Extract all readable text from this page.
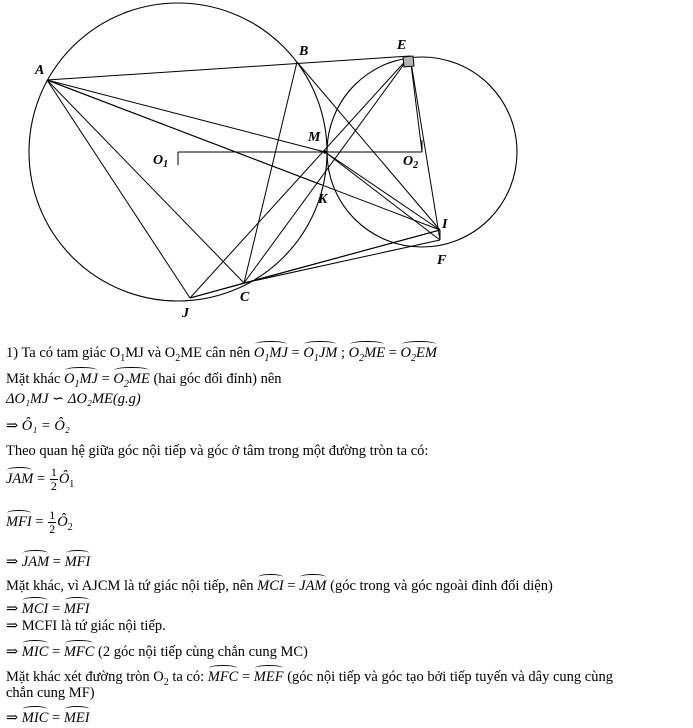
A
B	E
M
$O_1$	$O_2$
K
I
F
J
C
1) Ta có tam giác $O_1MJ$ và $O_2ME$ cân nên $O_1MJ = O_1JM$ ; $O_2ME = O_2EM$
Mặt khác $O_1MJ = O_2ME$ (hai góc đối đỉnh) nên
ΔO₁MJ ∽ ΔO₂ME(g.g)
⇒ Ô₁ = Ô₂
Theo quan hệ giữa góc nội tiếp và góc ở tâm trong một đường tròn ta có:
JAM = $\frac{1}{2}$ $Ô_1$
MFI = $\frac{1}{2}$ $Ô_2$
⇒ JAM = MFI
Mặt khác, vì AJCM là tứ giác nội tiếp, nên MCI = JAM (góc trong và góc ngoài đỉnh đối diện)
⇒ MCI = MFI
⇒ MCFI là tứ giác nội tiếp.
⇒ MIC = MFC (2 góc nội tiếp cùng chắn cung MC)
Mặt khác xét đường tròn $O_2$ ta có: MFC = MEF (góc nội tiếp và góc tạo bởi tiếp tuyến và dây cung cùng
chắn cung MF)
⇒ MIC = MEI
